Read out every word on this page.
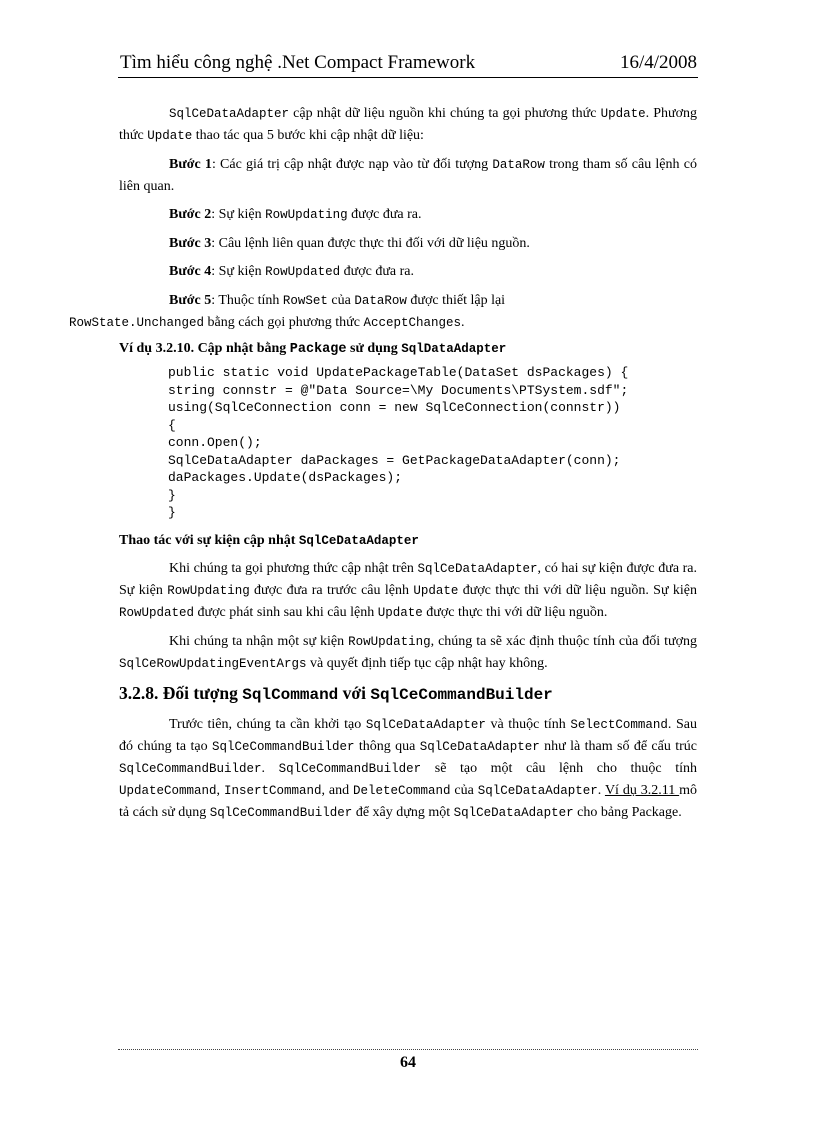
Tìm hiểu công nghệ .Net Compact Framework	16/4/2008

SqlCeDataAdapter cập nhật dữ liệu nguồn khi chúng ta gọi phương thức Update. Phương thức Update thao tác qua 5 bước khi cập nhật dữ liệu:

Bước 1: Các giá trị cập nhật được nạp vào từ đối tượng DataRow trong tham số câu lệnh có liên quan.

Bước 2: Sự kiện RowUpdating được đưa ra.

Bước 3: Câu lệnh liên quan được thực thi đối với dữ liệu nguồn.

Bước 4: Sự kiện RowUpdated được đưa ra.

Bước 5: Thuộc tính RowSet của DataRow được thiết lập lại
RowState.Unchanged bằng cách gọi phương thức AcceptChanges.

Ví dụ 3.2.10. Cập nhật bằng Package sử dụng SqlDataAdapter

public static void UpdatePackageTable(DataSet dsPackages) {
string connstr = @"Data Source=\My Documents\PTSystem.sdf";
using(SqlCeConnection conn = new SqlCeConnection(connstr))
{
conn.Open();
SqlCeDataAdapter daPackages = GetPackageDataAdapter(conn);
daPackages.Update(dsPackages);
}
}

Thao tác với sự kiện cập nhật SqlCeDataAdapter

Khi chúng ta gọi phương thức cập nhật trên SqlCeDataAdapter, có hai sự kiện được đưa ra. Sự kiện RowUpdating được đưa ra trước câu lệnh Update được thực thi với dữ liệu nguồn. Sự kiện RowUpdated được phát sinh sau khi câu lệnh Update được thực thi với dữ liệu nguồn.

Khi chúng ta nhận một sự kiện RowUpdating, chúng ta sẽ xác định thuộc tính của đối tượng SqlCeRowUpdatingEventArgs và quyết định tiếp tục cập nhật hay không.

3.2.8. Đối tượng SqlCommand với SqlCeCommandBuilder

Trước tiên, chúng ta cần khởi tạo SqlCeDataAdapter và thuộc tính SelectCommand. Sau đó chúng ta tạo SqlCeCommandBuilder thông qua SqlCeDataAdapter như là tham số để cấu trúc SqlCeCommandBuilder. SqlCeCommandBuilder sẽ tạo một câu lệnh cho thuộc tính UpdateCommand, InsertCommand, and DeleteCommand của SqlCeDataAdapter. Ví dụ 3.2.11 mô tả cách sử dụng SqlCeCommandBuilder để xây dựng một SqlCeDataAdapter cho bảng Package.

64
